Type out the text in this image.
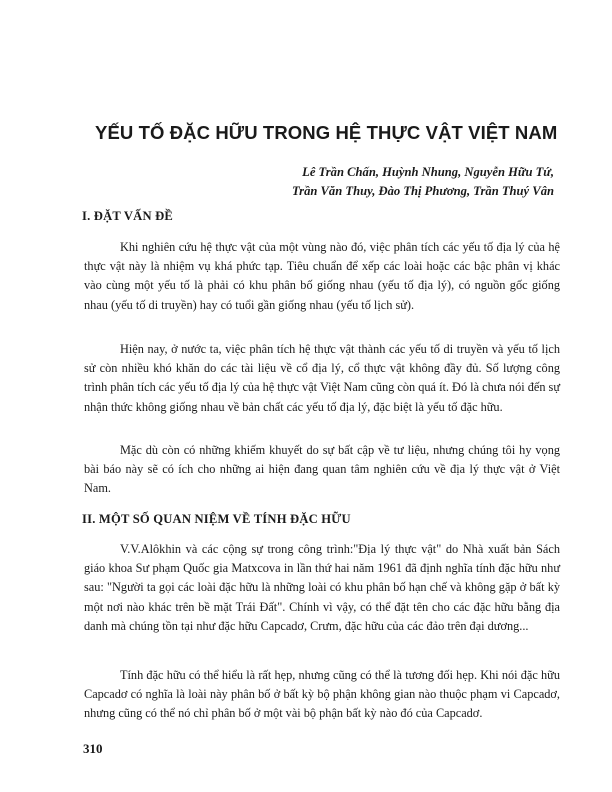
YẾU TỐ ĐẶC HỮU TRONG HỆ THỰC VẬT VIỆT NAM
Lê Trần Chấn, Huỳnh Nhung, Nguyễn Hữu Tứ,
Trần Văn Thuy, Đào Thị Phương, Trần Thuý Vân
I. ĐẶT VẤN ĐỀ

Khi nghiên cứu hệ thực vật của một vùng nào đó, việc phân tích các yếu tố địa lý của hệ thực vật này là nhiệm vụ khá phức tạp. Tiêu chuẩn để xếp các loài hoặc các bậc phân vị khác vào cùng một yếu tố là phải có khu phân bố giống nhau (yếu tố địa lý), có nguồn gốc giống nhau (yếu tố di truyền) hay có tuổi gần giống nhau (yếu tố lịch sử).

Hiện nay, ở nước ta, việc phân tích hệ thực vật thành các yếu tố di truyền và yếu tố lịch sử còn nhiều khó khăn do các tài liệu về cổ địa lý, cổ thực vật không đầy đủ. Số lượng công trình phân tích các yếu tố địa lý của hệ thực vật Việt Nam cũng còn quá ít. Đó là chưa nói đến sự nhận thức không giống nhau về bản chất các yếu tố địa lý, đặc biệt là yếu tố đặc hữu.

Mặc dù còn có những khiếm khuyết do sự bất cập về tư liệu, nhưng chúng tôi hy vọng bài báo này sẽ có ích cho những ai hiện đang quan tâm nghiên cứu về địa lý thực vật ở Việt Nam.

II. MỘT SỐ QUAN NIỆM VỀ TÍNH ĐẶC HỮU

V.V.Alôkhin và các cộng sự trong công trình:"Địa lý thực vật" do Nhà xuất bản Sách giáo khoa Sư phạm Quốc gia Matxcova in lần thứ hai năm 1961 đã định nghĩa tính đặc hữu như sau: "Người ta gọi các loài đặc hữu là những loài có khu phân bố hạn chế và không gặp ở bất kỳ một nơi nào khác trên bề mặt Trái Đất". Chính vì vậy, có thể đặt tên cho các đặc hữu bằng địa danh mà chúng tồn tại như đặc hữu Capcadơ, Crưm, đặc hữu của các đảo trên đại dương...

Tính đặc hữu có thể hiểu là rất hẹp, nhưng cũng có thể là tương đối hẹp. Khi nói đặc hữu Capcadơ có nghĩa là loài này phân bố ở bất kỳ bộ phận không gian nào thuộc phạm vi Capcadơ, nhưng cũng có thể nó chỉ phân bố ở một vài bộ phận bất kỳ nào đó của Capcadơ.

310
